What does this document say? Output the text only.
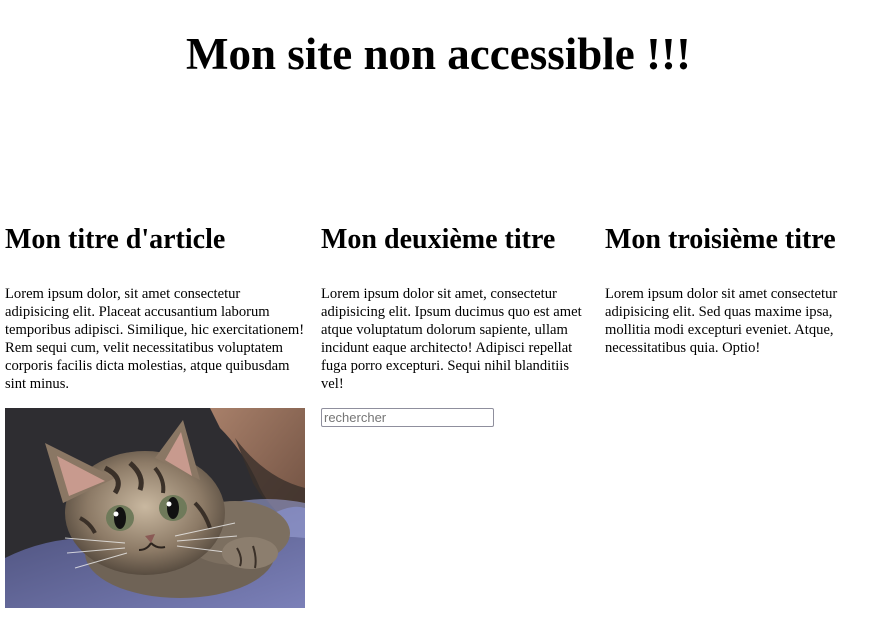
Mon site non accessible !!!
Mon titre d'article

Lorem ipsum dolor, sit amet consectetur adipisicing elit. Placeat accusantium laborum temporibus adipisci. Similique, hic exercitationem! Rem sequi cum, velit necessitatibus voluptatem corporis facilis dicta molestias, atque quibusdam sint minus.

Mon deuxième titre

Lorem ipsum dolor sit amet, consectetur adipisicing elit. Ipsum ducimus quo est amet atque voluptatum dolorum sapiente, ullam incidunt eaque architecto! Adipisci repellat fuga porro excepturi. Sequi nihil blanditiis vel!

rechercher
Mon troisième titre

Lorem ipsum dolor sit amet consectetur adipisicing elit. Sed quas maxime ipsa, mollitia modi excepturi eveniet. Atque, necessitatibus quia. Optio!
